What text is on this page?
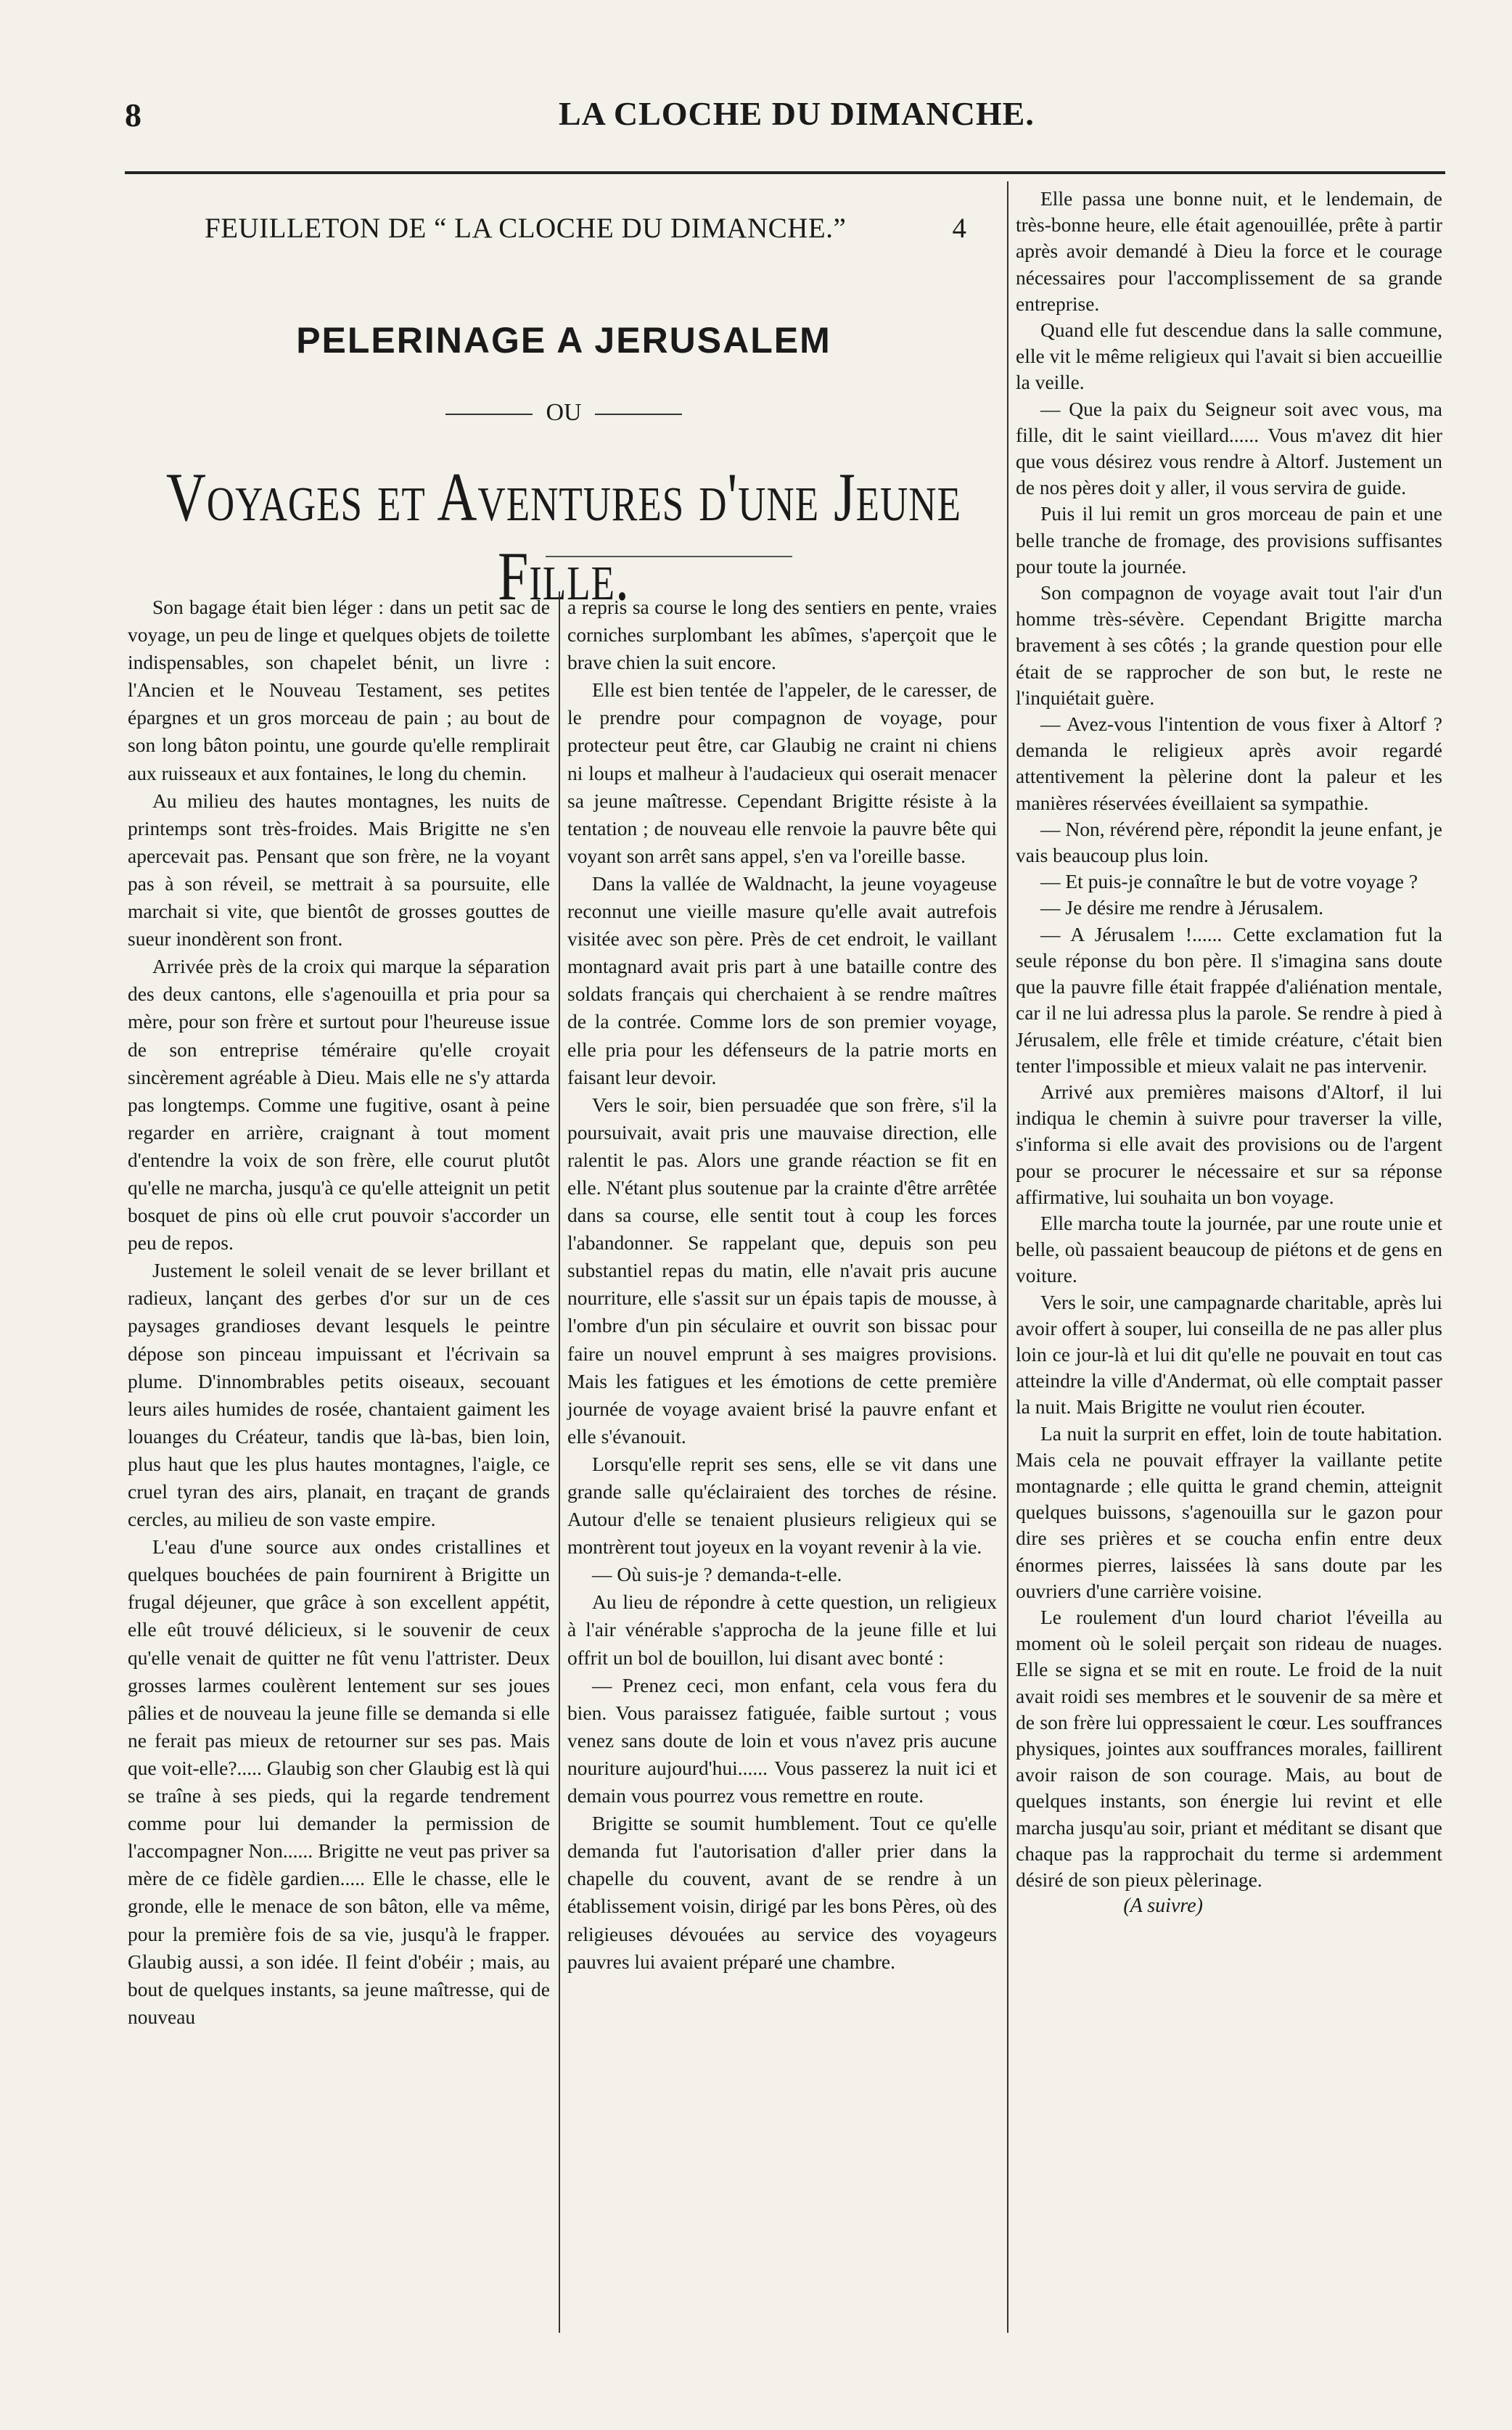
8	LA CLOCHE DU DIMANCHE.
FEUILLETON DE “ LA CLOCHE DU DIMANCHE.”	4
PELERINAGE A JERUSALEM
OU
Voyages et Aventures d'une Jeune Fille.

Son bagage était bien léger : dans un petit sac de voyage, un peu de linge et quelques objets de toilette indispensables, son chapelet bénit, un livre : l'Ancien et le Nouveau Testament, ses petites épargnes et un gros morceau de pain ; au bout de son long bâton pointu, une gourde qu'elle remplirait aux ruisseaux et aux fontaines, le long du chemin.

Au milieu des hautes montagnes, les nuits de printemps sont très-froides. Mais Brigitte ne s'en apercevait pas. Pensant que son frère, ne la voyant pas à son réveil, se mettrait à sa poursuite, elle marchait si vite, que bientôt de grosses gouttes de sueur inondèrent son front.

Arrivée près de la croix qui marque la séparation des deux cantons, elle s'agenouilla et pria pour sa mère, pour son frère et surtout pour l'heureuse issue de son entreprise téméraire qu'elle croyait sincèrement agréable à Dieu. Mais elle ne s'y attarda pas longtemps. Comme une fugitive, osant à peine regarder en arrière, craignant à tout moment d'entendre la voix de son frère, elle courut plutôt qu'elle ne marcha, jusqu'à ce qu'elle atteignit un petit bosquet de pins où elle crut pouvoir s'accorder un peu de repos.

Justement le soleil venait de se lever brillant et radieux, lançant des gerbes d'or sur un de ces paysages grandioses devant lesquels le peintre dépose son pinceau impuissant et l'écrivain sa plume. D'innombrables petits oiseaux, secouant leurs ailes humides de rosée, chantaient gaiment les louanges du Créateur, tandis que là-bas, bien loin, plus haut que les plus hautes montagnes, l'aigle, ce cruel tyran des airs, planait, en traçant de grands cercles, au milieu de son vaste empire.

L'eau d'une source aux ondes cristallines et quelques bouchées de pain fournirent à Brigitte un frugal déjeuner, que grâce à son excellent appétit, elle eût trouvé délicieux, si le souvenir de ceux qu'elle venait de quitter ne fût venu l'attrister. Deux grosses larmes coulèrent lentement sur ses joues pâlies et de nouveau la jeune fille se demanda si elle ne ferait pas mieux de retourner sur ses pas. Mais que voit-elle?..... Glaubig son cher Glaubig est là qui se traîne à ses pieds, qui la regarde tendrement comme pour lui demander la permission de l'accompagner Non...... Brigitte ne veut pas priver sa mère de ce fidèle gardien..... Elle le chasse, elle le gronde, elle le menace de son bâton, elle va même, pour la première fois de sa vie, jusqu'à le frapper. Glaubig aussi, a son idée. Il feint d'obéir ; mais, au bout de quelques instants, sa jeune maîtresse, qui de nouveau

a repris sa course le long des sentiers en pente, vraies corniches surplombant les abîmes, s'aperçoit que le brave chien la suit encore.

Elle est bien tentée de l'appeler, de le caresser, de le prendre pour compagnon de voyage, pour protecteur peut être, car Glaubig ne craint ni chiens ni loups et malheur à l'audacieux qui oserait menacer sa jeune maîtresse. Cependant Brigitte résiste à la tentation ; de nouveau elle renvoie la pauvre bête qui voyant son arrêt sans appel, s'en va l'oreille basse.

Dans la vallée de Waldnacht, la jeune voyageuse reconnut une vieille masure qu'elle avait autrefois visitée avec son père. Près de cet endroit, le vaillant montagnard avait pris part à une bataille contre des soldats français qui cherchaient à se rendre maîtres de la contrée. Comme lors de son premier voyage, elle pria pour les défenseurs de la patrie morts en faisant leur devoir.

Vers le soir, bien persuadée que son frère, s'il la poursuivait, avait pris une mauvaise direction, elle ralentit le pas. Alors une grande réaction se fit en elle. N'étant plus soutenue par la crainte d'être arrêtée dans sa course, elle sentit tout à coup les forces l'abandonner. Se rappelant que, depuis son peu substantiel repas du matin, elle n'avait pris aucune nourriture, elle s'assit sur un épais tapis de mousse, à l'ombre d'un pin séculaire et ouvrit son bissac pour faire un nouvel emprunt à ses maigres provisions. Mais les fatigues et les émotions de cette première journée de voyage avaient brisé la pauvre enfant et elle s'évanouit.

Lorsqu'elle reprit ses sens, elle se vit dans une grande salle qu'éclairaient des torches de résine. Autour d'elle se tenaient plusieurs religieux qui se montrèrent tout joyeux en la voyant revenir à la vie.

— Où suis-je ? demanda-t-elle.

Au lieu de répondre à cette question, un religieux à l'air vénérable s'approcha de la jeune fille et lui offrit un bol de bouillon, lui disant avec bonté :

— Prenez ceci, mon enfant, cela vous fera du bien. Vous paraissez fatiguée, faible surtout ; vous venez sans doute de loin et vous n'avez pris aucune nouriture aujourd'hui...... Vous passerez la nuit ici et demain vous pourrez vous remettre en route.

Brigitte se soumit humblement. Tout ce qu'elle demanda fut l'autorisation d'aller prier dans la chapelle du couvent, avant de se rendre à un établissement voisin, dirigé par les bons Pères, où des religieuses dévouées au service des voyageurs pauvres lui avaient préparé une chambre.

Elle passa une bonne nuit, et le lendemain, de très-bonne heure, elle était agenouillée, prête à partir après avoir demandé à Dieu la force et le courage nécessaires pour l'accomplissement de sa grande entreprise.

Quand elle fut descendue dans la salle commune, elle vit le même religieux qui l'avait si bien accueillie la veille.

— Que la paix du Seigneur soit avec vous, ma fille, dit le saint vieillard...... Vous m'avez dit hier que vous désirez vous rendre à Altorf. Justement un de nos pères doit y aller, il vous servira de guide.

Puis il lui remit un gros morceau de pain et une belle tranche de fromage, des provisions suffisantes pour toute la journée.

Son compagnon de voyage avait tout l'air d'un homme très-sévère. Cependant Brigitte marcha bravement à ses côtés ; la grande question pour elle était de se rapprocher de son but, le reste ne l'inquiétait guère.

— Avez-vous l'intention de vous fixer à Altorf ? demanda le religieux après avoir regardé attentivement la pèlerine dont la paleur et les manières réservées éveillaient sa sympathie.

— Non, révérend père, répondit la jeune enfant, je vais beaucoup plus loin.

— Et puis-je connaître le but de votre voyage ?

— Je désire me rendre à Jérusalem.

— A Jérusalem !...... Cette exclamation fut la seule réponse du bon père. Il s'imagina sans doute que la pauvre fille était frappée d'aliénation mentale, car il ne lui adressa plus la parole. Se rendre à pied à Jérusalem, elle frêle et timide créature, c'était bien tenter l'impossible et mieux valait ne pas intervenir.

Arrivé aux premières maisons d'Altorf, il lui indiqua le chemin à suivre pour traverser la ville, s'informa si elle avait des provisions ou de l'argent pour se procurer le nécessaire et sur sa réponse affirmative, lui souhaita un bon voyage.

Elle marcha toute la journée, par une route unie et belle, où passaient beaucoup de piétons et de gens en voiture.

Vers le soir, une campagnarde charitable, après lui avoir offert à souper, lui conseilla de ne pas aller plus loin ce jour-là et lui dit qu'elle ne pouvait en tout cas atteindre la ville d'Andermat, où elle comptait passer la nuit. Mais Brigitte ne voulut rien écouter.

La nuit la surprit en effet, loin de toute habitation. Mais cela ne pouvait effrayer la vaillante petite montagnarde ; elle quitta le grand chemin, atteignit quelques buissons, s'agenouilla sur le gazon pour dire ses prières et se coucha enfin entre deux énormes pierres, laissées là sans doute par les ouvriers d'une carrière voisine.

Le roulement d'un lourd chariot l'éveilla au moment où le soleil perçait son rideau de nuages. Elle se signa et se mit en route. Le froid de la nuit avait roidi ses membres et le souvenir de sa mère et de son frère lui oppressaient le cœur. Les souffrances physiques, jointes aux souffrances morales, faillirent avoir raison de son courage. Mais, au bout de quelques instants, son énergie lui revint et elle marcha jusqu'au soir, priant et méditant se disant que chaque pas la rapprochait du terme si ardemment désiré de son pieux pèlerinage.

(A suivre)
